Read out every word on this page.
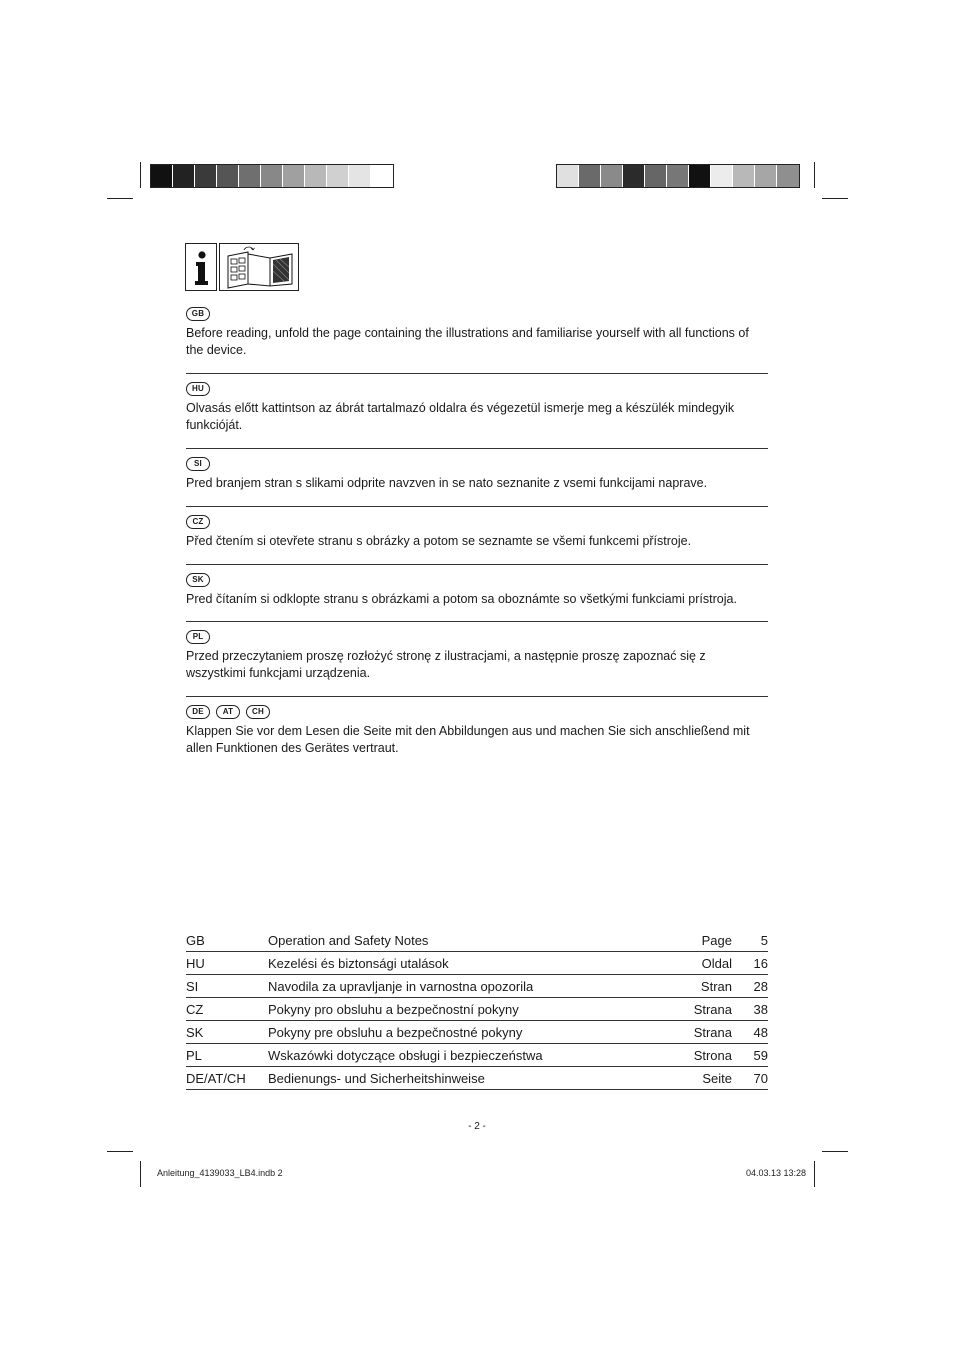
GB

Before reading, unfold the page containing the illustrations and familiarise yourself with all functions of the device.

HU

Olvasás előtt kattintson az ábrát tartalmazó oldalra és végezetül ismerje meg a készülék mindegyik funkcióját.

SI

Pred branjem stran s slikami odprite navzven in se nato seznanite z vsemi funkcijami naprave.

CZ

Před čtením si otevřete stranu s obrázky a potom se seznamte se všemi funkcemi přístroje.

SK

Pred čítaním si odklopte stranu s obrázkami a potom sa oboznámte so všetkými funkciami prístroja.

PL

Przed przeczytaniem proszę rozłożyć stronę z ilustracjami, a następnie proszę zapoznać się z wszystkimi funkcjami urządzenia.

DE	AT	CH

Klappen Sie vor dem Lesen die Seite mit den Abbildungen aus und machen Sie sich anschließend mit allen Funktionen des Gerätes vertraut.

GB	Operation and Safety Notes	Page	5
HU	Kezelési és biztonsági utalások	Oldal	16
SI	Navodila za upravljanje in varnostna opozorila	Stran	28
CZ	Pokyny pro obsluhu a bezpečnostní pokyny	Strana	38
SK	Pokyny pre obsluhu a bezpečnostné pokyny	Strana	48
PL	Wskazówki dotyczące obsługi i bezpieczeństwa	Strona	59
DE/AT/CH	Bedienungs- und Sicherheitshinweise	Seite	70
- 2 -
Anleitung_4139033_LB4.indb 2	04.03.13 13:28
